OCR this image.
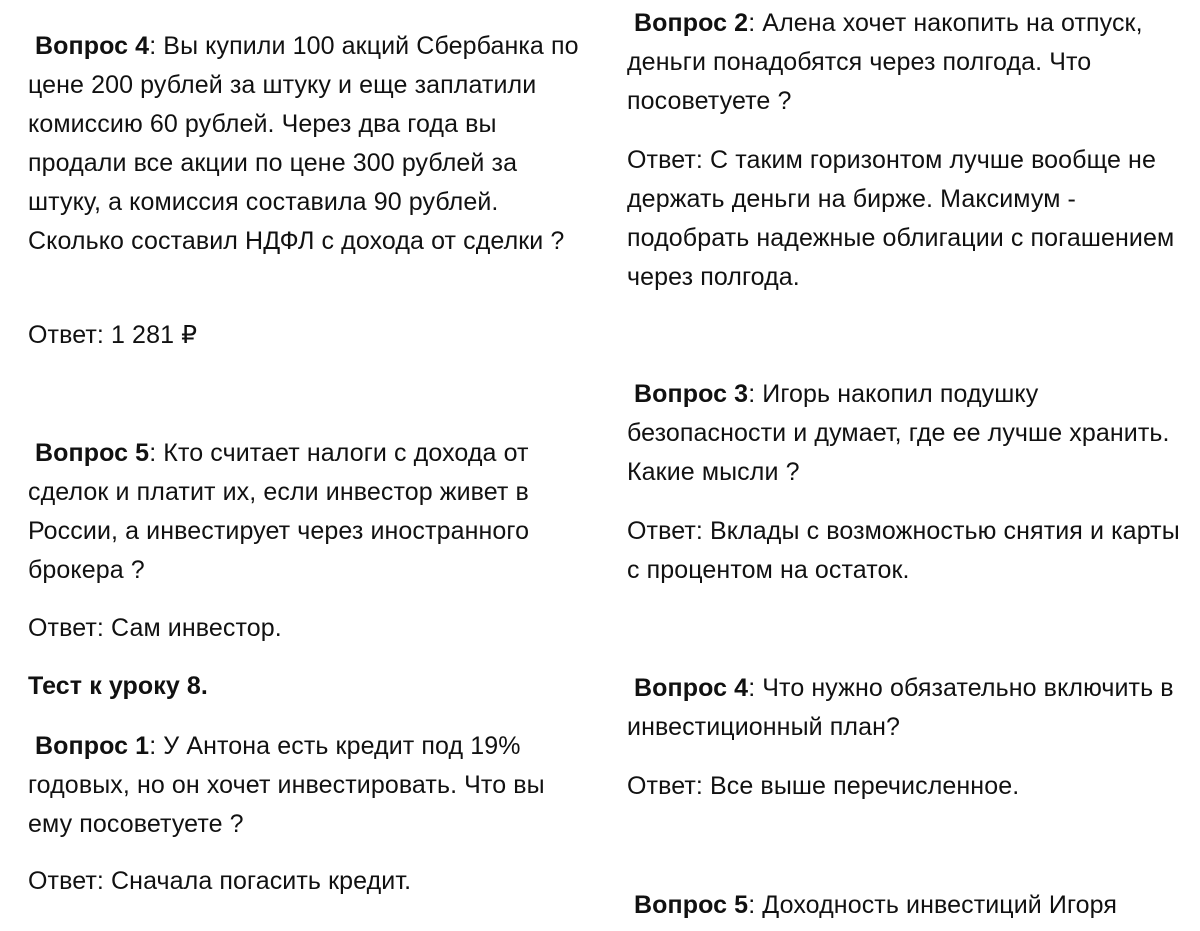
Вопрос 4: Вы купили 100 акций Сбербанка по цене 200 рублей за штуку и еще заплатили комиссию 60 рублей. Через два года вы продали все акции по цене 300 рублей за штуку, а комиссия составила 90 рублей. Сколько составил НДФЛ с дохода от сделки ?

Ответ: 1 281 ₽

Вопрос 5: Кто считает налоги с дохода от сделок и платит их, если инвестор живет в России, а инвестирует через иностранного брокера ?

Ответ: Сам инвестор.

Тест к уроку 8.

Вопрос 1: У Антона есть кредит под 19% годовых, но он хочет инвестировать. Что вы ему посоветуете ?

Ответ: Сначала погасить кредит.

Вопрос 2: Алена хочет накопить на отпуск, деньги понадобятся через полгода. Что посоветуете ?

Ответ: С таким горизонтом лучше вообще не держать деньги на бирже. Максимум - подобрать надежные облигации с погашением через полгода.

Вопрос 3: Игорь накопил подушку безопасности и думает, где ее лучше хранить. Какие мысли ?

Ответ: Вклады с возможностью снятия и карты с процентом на остаток.

Вопрос 4: Что нужно обязательно включить в инвестиционный план?

Ответ: Все выше перечисленное.

Вопрос 5: Доходность инвестиций Игоря
